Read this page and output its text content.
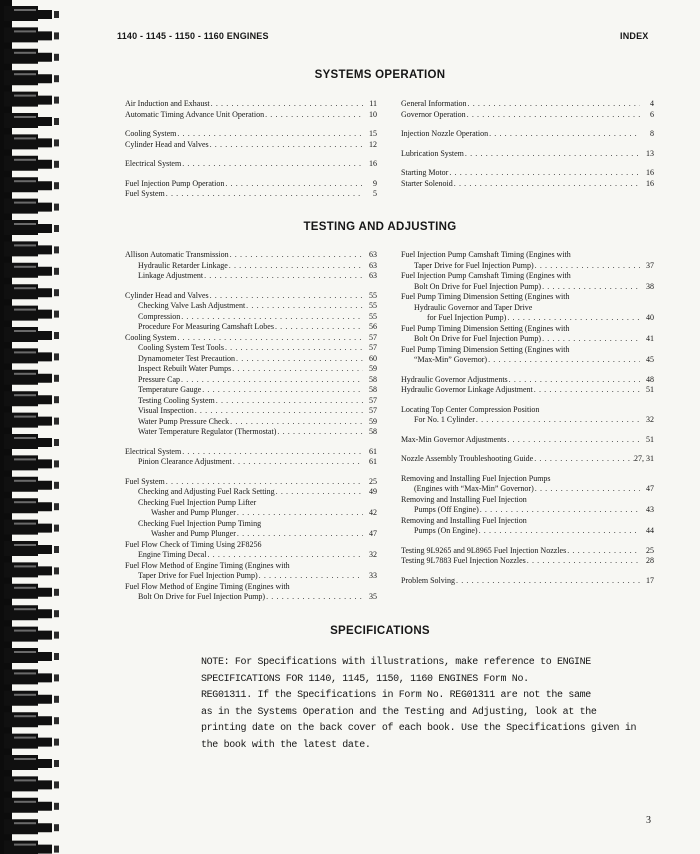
1140 - 1145 - 1150 - 1160 ENGINES	INDEX
SYSTEMS OPERATION
Air Induction and Exhaust . . .	11
Automatic Timing Advance Unit Operation . . .	10
Cooling System . . .	15
Cylinder Head and Valves . . .	12
Electrical System . . .	16
Fuel Injection Pump Operation . . .	9
Fuel System . . .	5
General Information . . .	4
Governor Operation . . .	6
Injection Nozzle Operation . . .	8
Lubrication System . . .	13
Starting Motor . . .	16
Starter Solenoid . . .	16
TESTING AND ADJUSTING
Allison Automatic Transmission . . .	63
Hydraulic Retarder Linkage . . .	63
Linkage Adjustment . . .	63
Cylinder Head and Valves . . .	55
Checking Valve Lash Adjustment . . .	55
Compression . . .	55
Procedure For Measuring Camshaft Lobes . . .	56
Cooling System . . .	57
Cooling System Test Tools . . .	57
Dynamometer Test Precaution . . .	60
Inspect Rebuilt Water Pumps . . .	59
Pressure Cap . . .	58
Temperature Gauge . . .	58
Testing Cooling System . . .	57
Visual Inspection . . .	57
Water Pump Pressure Check . . .	59
Water Temperature Regulator (Thermostat) . . .	58
Electrical System . . .	61
Pinion Clearance Adjustment . . .	61
Fuel System . . .	25
Checking and Adjusting Fuel Rack Setting . . .	49
Checking Fuel Injection Pump Lifter
Washer and Pump Plunger . . .	42
Checking Fuel Injection Pump Timing
Washer and Pump Plunger . . .	47
Fuel Flow Check of Timing Using 2F8256
Engine Timing Decal . . .	32
Fuel Flow Method of Engine Timing (Engines with
Taper Drive for Fuel Injection Pump) . . .	33
Fuel Flow Method of Engine Timing (Engines with
Bolt On Drive for Fuel Injection Pump) . . .	35
Fuel Injection Pump Camshaft Timing (Engines with
Taper Drive for Fuel Injection Pump) . . .	37
Fuel Injection Pump Camshaft Timing (Engines with
Bolt On Drive for Fuel Injection Pump) . . .	38
Fuel Pump Timing Dimension Setting (Engines with
Hydraulic Governor and Taper Drive
for Fuel Injection Pump) . . .	40
Fuel Pump Timing Dimension Setting (Engines with
Bolt On Drive for Fuel Injection Pump) . . .	41
Fuel Pump Timing Dimension Setting (Engines with
“Max-Min” Governor) . . .	45
Hydraulic Governor Adjustments . . .	48
Hydraulic Governor Linkage Adjustment . . .	51
Locating Top Center Compression Position
For No. 1 Cylinder . . .	32
Max-Min Governor Adjustments . . .	51
Nozzle Assembly Troubleshooting Guide . . .	27, 31
Removing and Installing Fuel Injection Pumps
(Engines with “Max-Min” Governor) . . .	47
Removing and Installing Fuel Injection
Pumps (Off Engine) . . .	43
Removing and Installing Fuel Injection
Pumps (On Engine) . . .	44
Testing 9L9265 and 9L8965 Fuel Injection Nozzles . . .	25
Testing 9L7883 Fuel Injection Nozzles . . .	28
Problem Solving . . .	17
SPECIFICATIONS
NOTE: For Specifications with illustrations, make reference to ENGINE
SPECIFICATIONS FOR 1140, 1145, 1150, 1160 ENGINES Form No.
REG01311. If the Specifications in Form No. REG01311 are not the same
as in the Systems Operation and the Testing and Adjusting, look at the
printing date on the back cover of each book. Use the Specifications given in
the book with the latest date.
3
